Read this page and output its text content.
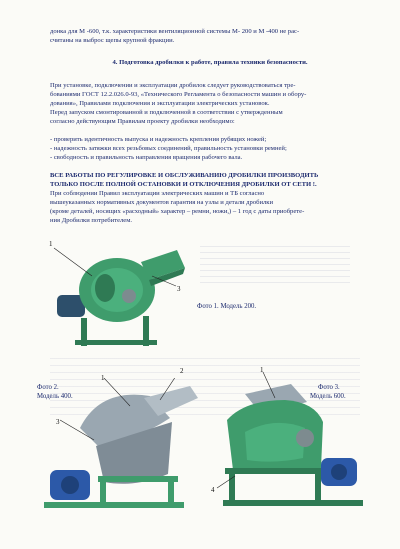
донка для М -600, т.к. характеристики вентиляционной системы М- 200 и М -400 не рас-
считаны на выброс щепы крупной фракции.
4. Подготовка дробилки к работе, правила техники безопасности.
При установке, подключении и эксплуатации дробилок следует руководствоваться тре-
бованиями ГОСТ 12.2.026.0-93, «Технического Регламента о безопасности машин и обору-
дования», Правилами подключения и эксплуатации электрических установок.
Перед запуском смонтированной и подключенной в соответствии с утвержденным
согласно действующим Правилам проекту дробилки необходимо:
- проверить идентичность выпуска и надежность крепления рубящих ножей;
- надежность затяжки всех резьбовых соединений, правильность установки ремней;
- свободность и правильность направления вращения рабочего вала.
ВСЕ РАБОТЫ ПО РЕГУЛИРОВКЕ И ОБСЛУЖИВАНИЮ ДРОБИЛКИ ПРОИЗВОДИТЬ
ТОЛЬКО ПОСЛЕ ПОЛНОЙ ОСТАНОВКИ И ОТКЛЮЧЕНИЯ ДРОБИЛКИ ОТ СЕТИ !.
При соблюдении Правил эксплуатации электрических машин и ТБ согласно
вышеуказанных нормативных документов гарантия на узлы и детали дробилки
(кроме деталей, носящих «расходный» характер – ремни, ножи,) – 1 год с даты приобрете-
ния Дробилки потребителем.
1
3
Фото 1. Модель 200.
Фото 2.
Модель 400.
1
2
3
Фото 3.
Модель 600.
1
4
